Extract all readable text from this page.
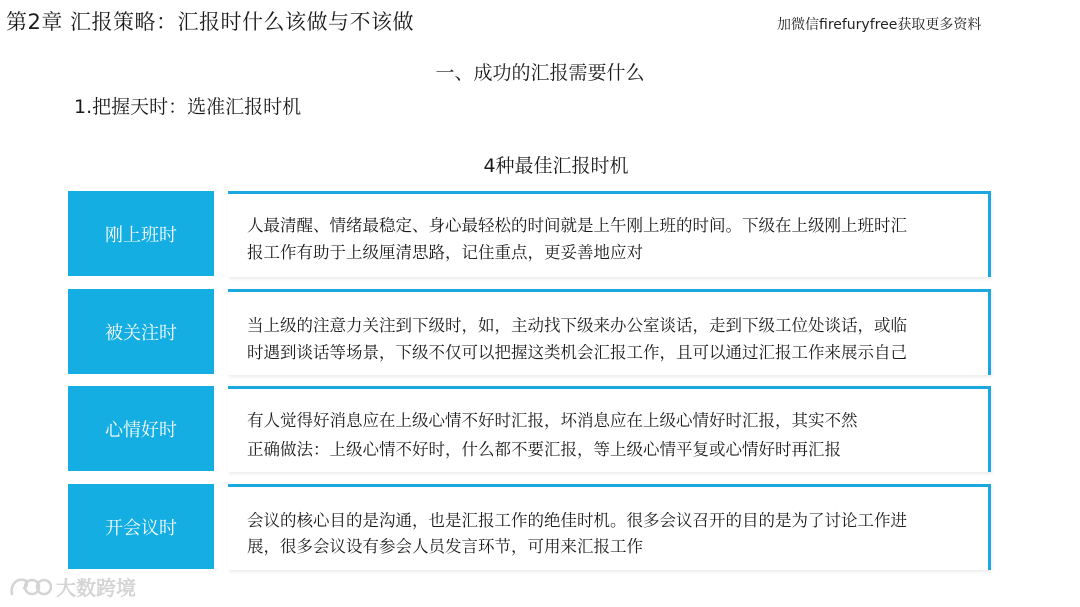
第2章 汇报策略：汇报时什么该做与不该做	加微信firefuryfree获取更多资料
一、成功的汇报需要什么
1.把握天时：选准汇报时机
4种最佳汇报时机
刚上班时	人最清醒、情绪最稳定、身心最轻松的时间就是上午刚上班的时间。下级在上级刚上班时汇
报工作有助于上级厘清思路，记住重点，更妥善地应对
被关注时	当上级的注意力关注到下级时，如，主动找下级来办公室谈话，走到下级工位处谈话，或临
时遇到谈话等场景，下级不仅可以把握这类机会汇报工作，且可以通过汇报工作来展示自己
心情好时	有人觉得好消息应在上级心情不好时汇报，坏消息应在上级心情好时汇报，其实不然
正确做法：上级心情不好时，什么都不要汇报，等上级心情平复或心情好时再汇报
开会议时	会议的核心目的是沟通，也是汇报工作的绝佳时机。很多会议召开的目的是为了讨论工作进
展，很多会议设有参会人员发言环节，可用来汇报工作
大数跨境
